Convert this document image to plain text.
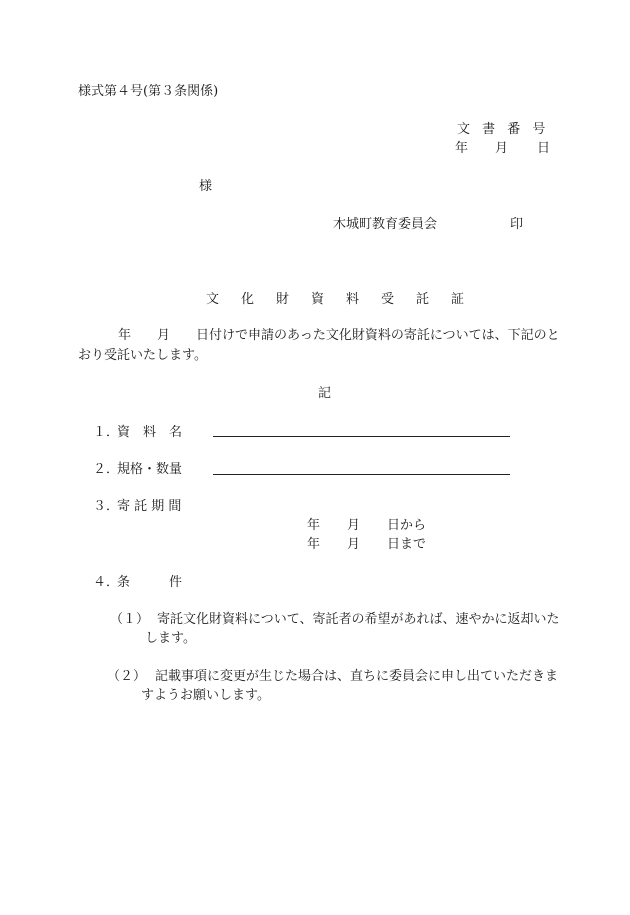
様式第４号(第３条関係)
文 書 番 号
年 月 日
様
木城町教育委員会	印
文化財資料受託証
年　　月　　日付けで申請のあった文化財資料の寄託については、下記のと
おり受託いたします。
記
１．
資　料　名
２．
規格・数量
３．
寄 託 期 間
年 月 日から
年 月 日まで
４．
条　　　件
（１） 寄託文化財資料について、寄託者の希望があれば、速やかに返却いた
します。
（２） 記載事項に変更が生じた場合は、直ちに委員会に申し出ていただきま
すようお願いします。
